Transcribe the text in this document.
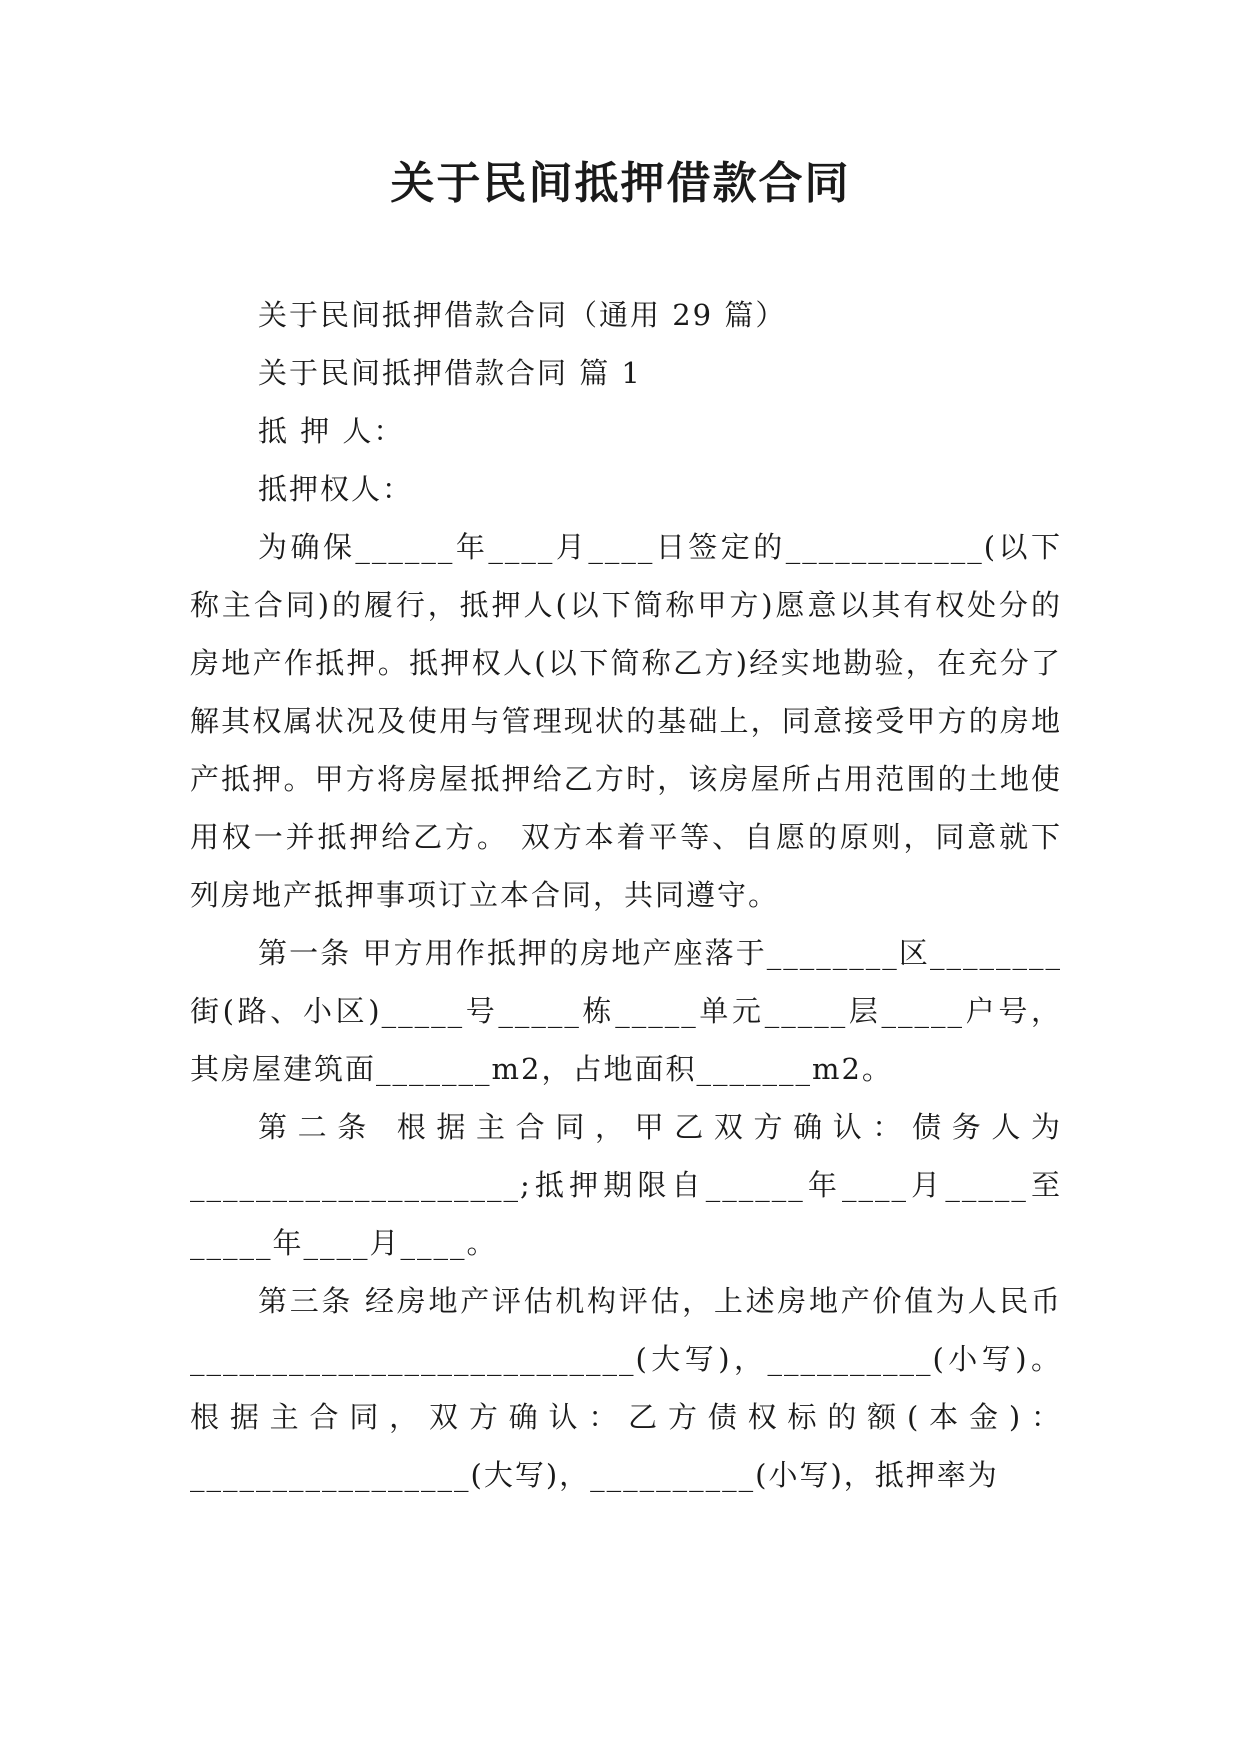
关于民间抵押借款合同
关于民间抵押借款合同（通用 29 篇）
关于民间抵押借款合同 篇 1
抵 押 人：
抵押权人：

为确保______年____月____日签定的____________(以下称主合同)的履行，抵押人(以下简称甲方)愿意以其有权处分的房地产作抵押。抵押权人(以下简称乙方)经实地勘验，在充分了解其权属状况及使用与管理现状的基础上，同意接受甲方的房地产抵押。甲方将房屋抵押给乙方时，该房屋所占用范围的土地使用权一并抵押给乙方。 双方本着平等、自愿的原则，同意就下列房地产抵押事项订立本合同，共同遵守。

第一条 甲方用作抵押的房地产座落于________区________街(路、小区)_____号_____栋_____单元_____层_____户号，其房屋建筑面_______m2，占地面积_______m2。

第二条 根据主合同，甲乙双方确认：债务人为____________________;抵押期限自______年____月_____至_____年____月____。

第三条 经房地产评估机构评估，上述房地产价值为人民币___________________________(大写)，__________(小写)。根据主合同，双方确认：乙方债权标的额(本金)：_________________(大写)，__________(小写)，抵押率为
